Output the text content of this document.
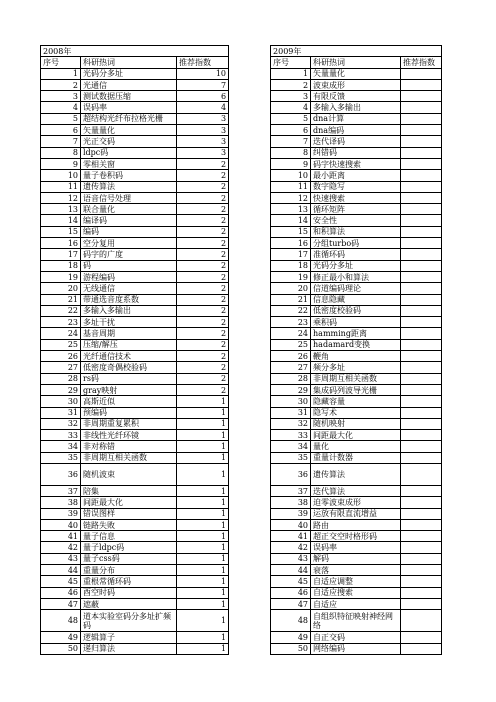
2008年				2009年		
序号	科研热词	推荐指数		序号	科研热词	推荐指数
1	光码分多址	10		1	矢量量化	
2	光通信	7		2	波束成形	
3	测试数据压缩	6		3	有限反馈	
4	误码率	4		4	多输入多输出	
5	超结构光纤布拉格光栅	3		5	dna计算	
6	矢量量化	3		6	dna编码	
7	光正交码	3		7	迭代译码	
8	ldpc码	3		8	纠错码	
9	零相关窗	2		9	码字快速搜索	
10	量子卷积码	2		10	最小距离	
11	遗传算法	2		11	数字隐写	
12	语音信号处理	2		12	快速搜索	
13	联合量化	2		13	循环矩阵	
14	编译码	2		14	安全性	
15	编码	2		15	和积算法	
16	空分复用	2		16	分组turbo码	
17	码字的广度	2		17	准循环码	
18	码	2		18	光码分多址	
19	游程编码	2		19	修正最小和算法	
20	无线通信	2		20	信道编码理论	
21	带通选音度系数	2		21	信息隐藏	
22	多输入多输出	2		22	低密度校验码	
23	多址干扰	2		23	乘积码	
24	基音周期	2		24	hamming距离	
25	压缩/解压	2		25	hadamard变换	
26	光纤通信技术	2		26	鞭角	
27	低密度奇偶校验码	2		27	频分多址	
28	rs码	2		28	非周期互相关函数	
29	gray映射	2		29	集成码列波导光栅	
30	高斯近似	1		30	隐藏容量	
31	预编码	1		31	隐写术	
32	非周期重复累积	1		32	随机映射	
33	非线性光纤环镜	1		33	间距最大化	
34	非对称错	1		34	量化	
35	非周期互相关函数	1		35	重量计数器	
36	随机波束	1		36	遗传算法	
37	陪集	1		37	迭代算法	
38	间距最大化	1		38	迫零波束成形	
39	错误图样	1		39	运放有限直流增益	
40	链路失败	1		40	路由	
41	量子信息	1		41	超正交空时格形码	
42	量子ldpc码	1		42	误码率	
43	量子css码	1		43	解码	
44	重量分布	1		44	衰落	
45	重根常循环码	1		45	自适应调整	
46	酉空时码	1		46	自适应搜索	
47	遮蔽	1		47	自适应	
48	道本实验室码分多址扩频码	1		48	自组织特征映射神经网络	
49	逻辑算子	1		49	自正交码	
50	递归算法	1		50	网络编码	
